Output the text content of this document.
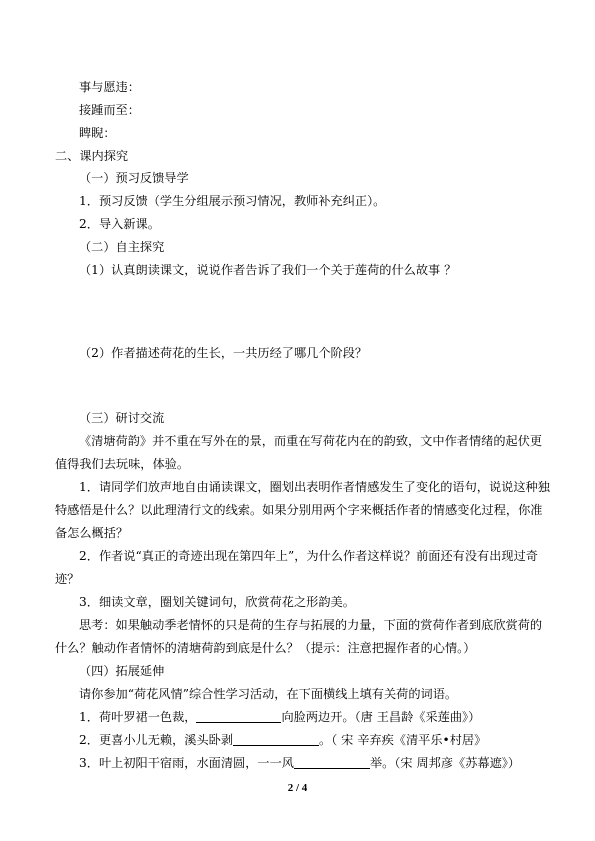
事与愿违：
接踵而至：
睥睨：
二、课内探究
（一）预习反馈导学
1．预习反馈（学生分组展示预习情况，教师补充纠正）。
2．导入新课。
（二）自主探究
（1）认真朗读课文，说说作者告诉了我们一个关于莲荷的什么故事 ？
（2）作者描述荷花的生长，一共历经了哪几个阶段？
（三）研讨交流
《清塘荷韵》并不重在写外在的景，而重在写荷花内在的韵致，文中作者情绪的起伏更
值得我们去玩味，体验。
1．请同学们放声地自由诵读课文，圈划出表明作者情感发生了变化的语句，说说这种独
特感悟是什么？以此理清行文的线索。如果分别用两个字来概括作者的情感变化过程，你准
备怎么概括？
2．作者说“真正的奇迹出现在第四年上”，为什么作者这样说？前面还有没有出现过奇
迹？
3．细读文章，圈划关键词句，欣赏荷花之形韵美。
思考：如果触动季老情怀的只是荷的生存与拓展的力量，下面的赏荷作者到底欣赏荷的
什么？触动作者情怀的清塘荷韵到底是什么？（提示：注意把握作者的心情。）
（四）拓展延伸
请你参加“荷花风情”综合性学习活动，在下面横线上填有关荷的词语。
1．荷叶罗裙一色裁，	向脸两边开。（唐 王昌龄《采莲曲》）
2．更喜小儿无赖，溪头卧剥	。（ 宋 辛弃疾《清平乐•村居》
3．叶上初阳干宿雨，水面清圆，一一风	举。（宋 周邦彦《苏幕遮》）
2 / 4
